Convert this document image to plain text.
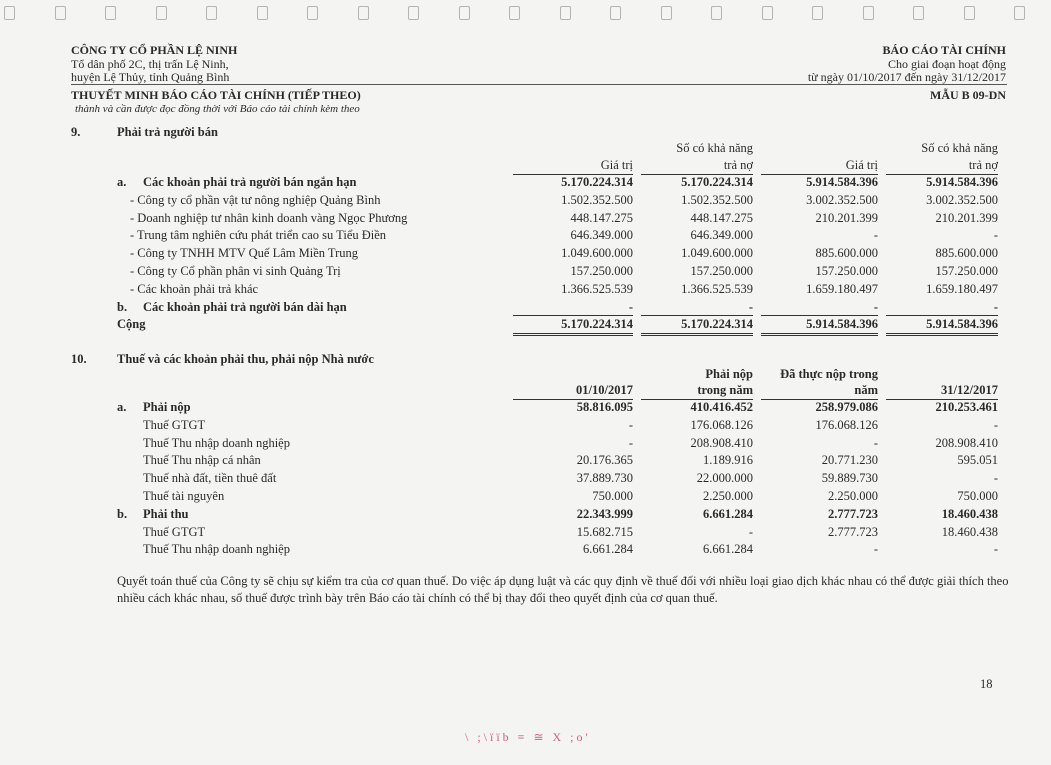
CÔNG TY CỔ PHẦN LỆ NINH
Tổ dân phố 2C, thị trấn Lệ Ninh,
huyện Lệ Thủy, tỉnh Quảng Bình
BÁO CÁO TÀI CHÍNH
Cho giai đoạn hoạt động
từ ngày 01/10/2017 đến ngày 31/12/2017
THUYẾT MINH BÁO CÁO TÀI CHÍNH (TIẾP THEO)	MẪU B 09-DN
thành và cần được đọc đồng thời với Báo cáo tài chính kèm theo
9.	Phải trả người bán
Số có khả năng	Số có khả năng
Giá trị	trả nợ	Giá trị	trả nợ
a. Các khoản phải trả người bán ngắn hạn	5.170.224.314	5.170.224.314	5.914.584.396	5.914.584.396
- Công ty cổ phần vật tư nông nghiệp Quảng Bình	1.502.352.500	1.502.352.500	3.002.352.500	3.002.352.500
- Doanh nghiệp tư nhân kinh doanh vàng Ngọc Phương	448.147.275	448.147.275	210.201.399	210.201.399
- Trung tâm nghiên cứu phát triển cao su Tiểu Điền	646.349.000	646.349.000	-	-
- Công ty TNHH MTV Quế Lâm Miền Trung	1.049.600.000	1.049.600.000	885.600.000	885.600.000
- Công ty Cổ phần phân vi sinh Quảng Trị	157.250.000	157.250.000	157.250.000	157.250.000
- Các khoản phải trả khác	1.366.525.539	1.366.525.539	1.659.180.497	1.659.180.497
b. Các khoản phải trả người bán dài hạn	-	-	-	-
Cộng	5.170.224.314	5.170.224.314	5.914.584.396	5.914.584.396
10. Thuế và các khoản phải thu, phải nộp Nhà nước
Phải nộp Đã thực nộp trong
01/10/2017	trong năm	năm	31/12/2017
a. Phải nộp	58.816.095	410.416.452	258.979.086	210.253.461
Thuế GTGT	-	176.068.126	176.068.126	-
Thuế Thu nhập doanh nghiệp	-	208.908.410	-	208.908.410
Thuế Thu nhập cá nhân	20.176.365	1.189.916	20.771.230	595.051
Thuế nhà đất, tiền thuê đất	37.889.730	22.000.000	59.889.730	-
Thuế tài nguyên	750.000	2.250.000	2.250.000	750.000
b. Phải thu	22.343.999	6.661.284	2.777.723	18.460.438
Thuế GTGT	15.682.715	-	2.777.723	18.460.438
Thuế Thu nhập doanh nghiệp	6.661.284	6.661.284	-	-
Quyết toán thuế của Công ty sẽ chịu sự kiểm tra của cơ quan thuế. Do việc áp dụng luật và các quy định về thuế đối với nhiều loại giao dịch khác nhau có thể được giải thích theo nhiều cách khác nhau, số thuế được trình bày trên Báo cáo tài chính có thể bị thay đổi theo quyết định của cơ quan thuế.
18
\ ;\ïïb ≡ ≅ X ;o'
